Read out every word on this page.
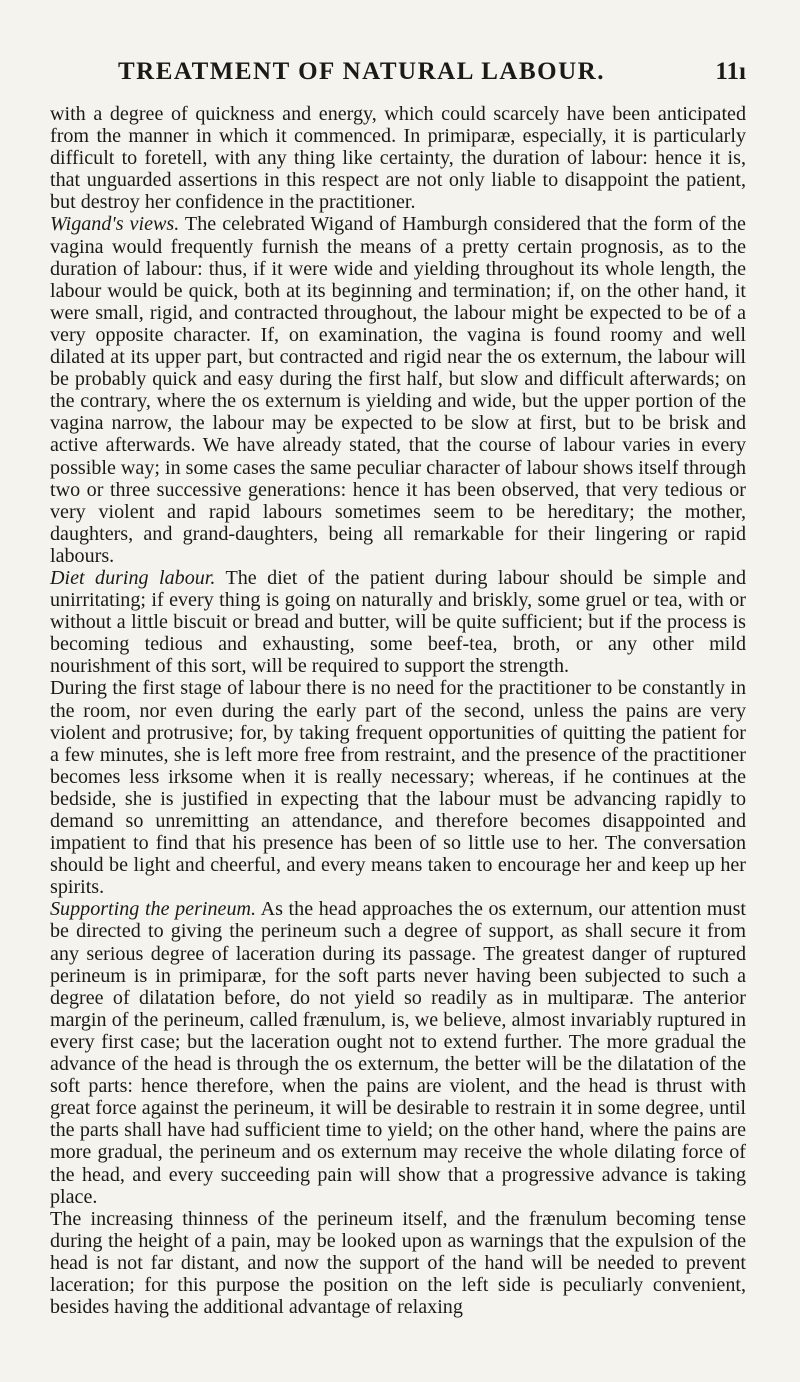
TREATMENT OF NATURAL LABOUR.	11ı

with a degree of quickness and energy, which could scarcely have been anticipated from the manner in which it commenced. In primiparæ, especially, it is particularly difficult to foretell, with any thing like certainty, the duration of labour: hence it is, that unguarded assertions in this respect are not only liable to disappoint the patient, but destroy her confidence in the practitioner.

Wigand's views. The celebrated Wigand of Hamburgh considered that the form of the vagina would frequently furnish the means of a pretty certain prognosis, as to the duration of labour: thus, if it were wide and yielding throughout its whole length, the labour would be quick, both at its beginning and termination; if, on the other hand, it were small, rigid, and contracted throughout, the labour might be expected to be of a very opposite character. If, on examination, the vagina is found roomy and well dilated at its upper part, but contracted and rigid near the os externum, the labour will be probably quick and easy during the first half, but slow and difficult afterwards; on the contrary, where the os externum is yielding and wide, but the upper portion of the vagina narrow, the labour may be expected to be slow at first, but to be brisk and active afterwards. We have already stated, that the course of labour varies in every possible way; in some cases the same peculiar character of labour shows itself through two or three successive generations: hence it has been observed, that very tedious or very violent and rapid labours sometimes seem to be hereditary; the mother, daughters, and grand-daughters, being all remarkable for their lingering or rapid labours.

Diet during labour. The diet of the patient during labour should be simple and unirritating; if every thing is going on naturally and briskly, some gruel or tea, with or without a little biscuit or bread and butter, will be quite sufficient; but if the process is becoming tedious and exhausting, some beef-tea, broth, or any other mild nourishment of this sort, will be required to support the strength.

During the first stage of labour there is no need for the practitioner to be constantly in the room, nor even during the early part of the second, unless the pains are very violent and protrusive; for, by taking frequent opportunities of quitting the patient for a few minutes, she is left more free from restraint, and the presence of the practitioner becomes less irksome when it is really necessary; whereas, if he continues at the bedside, she is justified in expecting that the labour must be advancing rapidly to demand so unremitting an attendance, and therefore becomes disappointed and impatient to find that his presence has been of so little use to her. The conversation should be light and cheerful, and every means taken to encourage her and keep up her spirits.

Supporting the perineum. As the head approaches the os externum, our attention must be directed to giving the perineum such a degree of support, as shall secure it from any serious degree of laceration during its passage. The greatest danger of ruptured perineum is in primiparæ, for the soft parts never having been subjected to such a degree of dilatation before, do not yield so readily as in multiparæ. The anterior margin of the perineum, called frænulum, is, we believe, almost invariably ruptured in every first case; but the laceration ought not to extend further. The more gradual the advance of the head is through the os externum, the better will be the dilatation of the soft parts: hence therefore, when the pains are violent, and the head is thrust with great force against the perineum, it will be desirable to restrain it in some degree, until the parts shall have had sufficient time to yield; on the other hand, where the pains are more gradual, the perineum and os externum may receive the whole dilating force of the head, and every succeeding pain will show that a progressive advance is taking place.

The increasing thinness of the perineum itself, and the frænulum becoming tense during the height of a pain, may be looked upon as warnings that the expulsion of the head is not far distant, and now the support of the hand will be needed to prevent laceration; for this purpose the position on the left side is peculiarly convenient, besides having the additional advantage of relaxing
